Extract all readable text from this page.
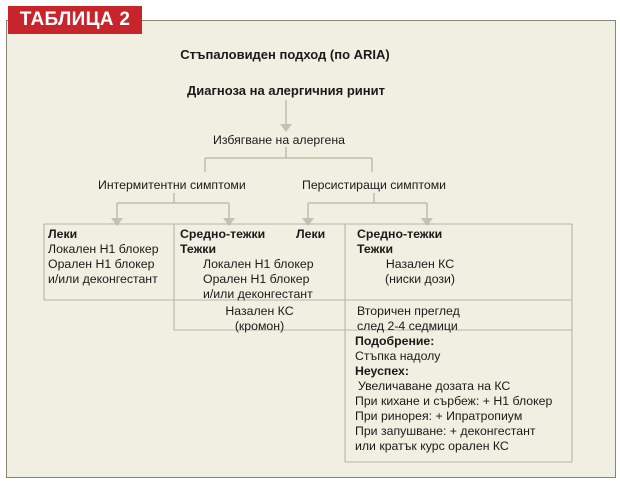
ТАБЛИЦА 2
Стъпаловиден подход (по ARIA)
Диагноза на алергичния ринит
Избягване на алергена
Интермитентни симптоми	Персистиращи симптоми
Леки
Локален Н1 блокер
Орален Н1 блокер
и/или деконгестант
Средно-тежки
Тежки
Локален Н1 блокер
Орален Н1 блокер
и/или деконгестант
Назален КС
(кромон)
Леки	Средно-тежки
Тежки
Назален КС
(ниски дози)
Вторичен преглед
след 2-4 седмици
Подобрение:
Стъпка надолу
Неуспех:
Увеличаване дозата на КС
При кихане и сърбеж: + Н1 блокер
При ринорея: + Ипратропиум
При запушване: + деконгестант
или кратък курс орален КС
